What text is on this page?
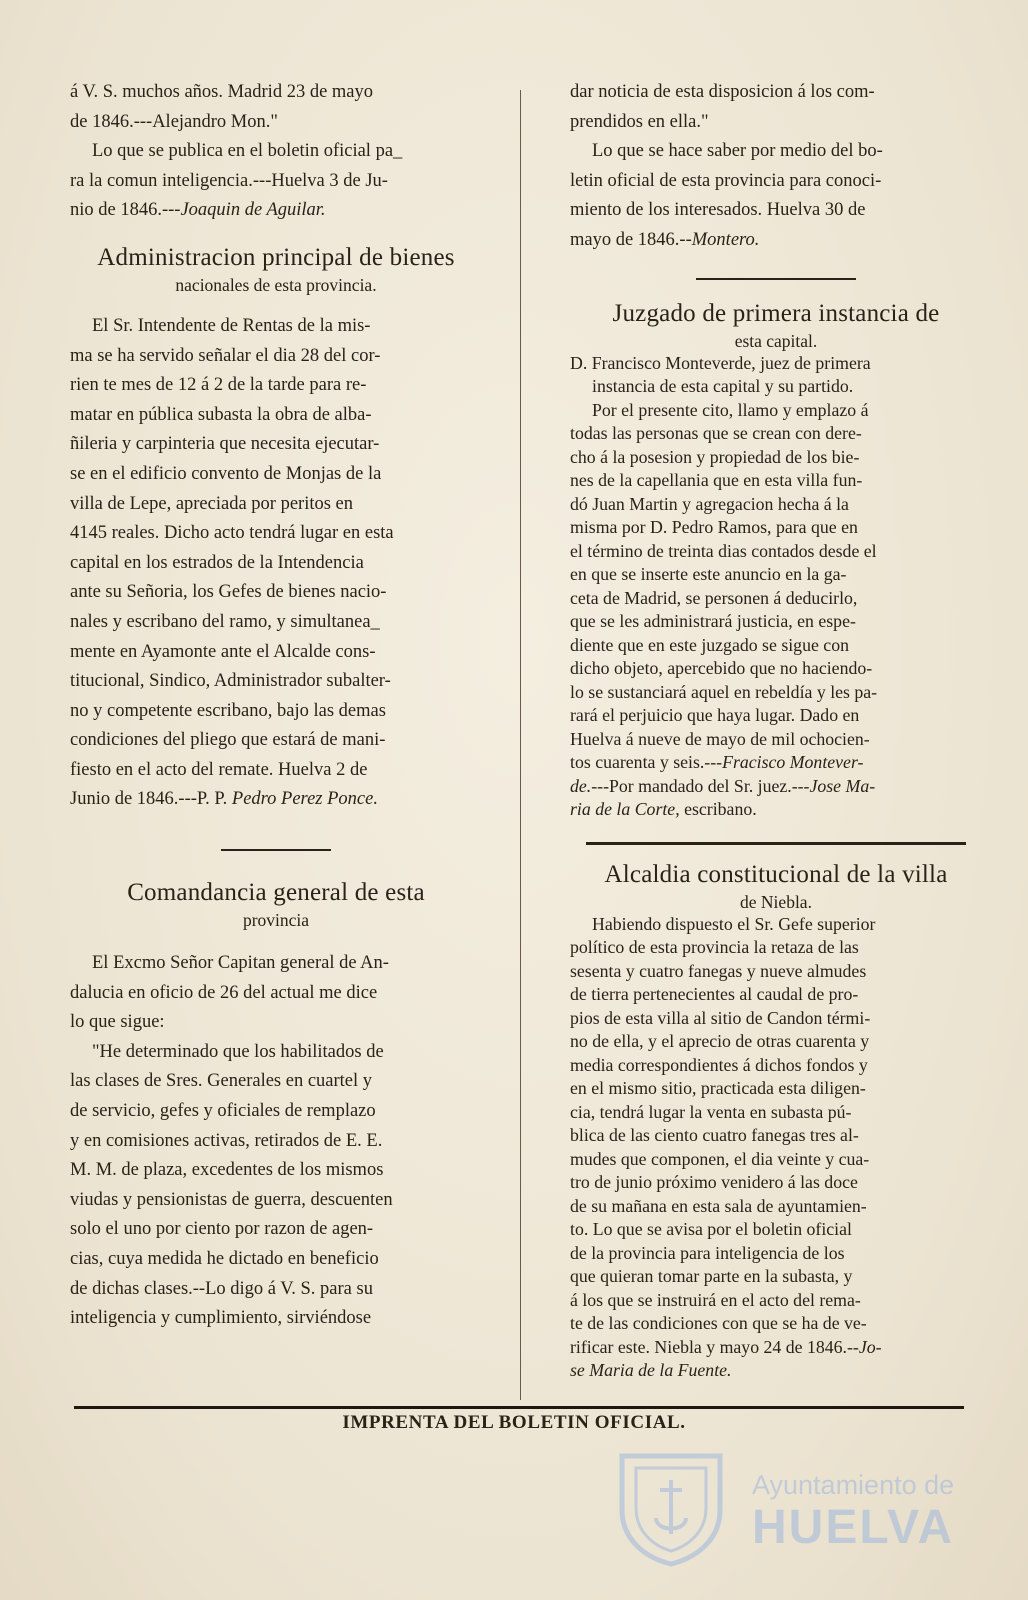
á V. S. muchos años. Madrid 23 de mayo

de 1846.---Alejandro Mon."

Lo que se publica en el boletin oficial pa_

ra la comun inteligencia.---Huelva 3 de Ju-

nio de 1846.---Joaquin de Aguilar.

Administracion principal de bienes
nacionales de esta provincia.

El Sr. Intendente de Rentas de la mis-

ma se ha servido señalar el dia 28 del cor-

rien te mes de 12 á 2 de la tarde para re-

matar en pública subasta la obra de alba-

ñileria y carpinteria que necesita ejecutar-

se en el edificio convento de Monjas de la

villa de Lepe, apreciada por peritos en

4145 reales. Dicho acto tendrá lugar en esta

capital en los estrados de la Intendencia

ante su Señoria, los Gefes de bienes nacio-

nales y escribano del ramo, y simultanea_

mente en Ayamonte ante el Alcalde cons-

titucional, Sindico, Administrador subalter-

no y competente escribano, bajo las demas

condiciones del pliego que estará de mani-

fiesto en el acto del remate. Huelva 2 de

Junio de 1846.---P. P. Pedro Perez Ponce.

Comandancia general de esta
provincia

El Excmo Señor Capitan general de An-

dalucia en oficio de 26 del actual me dice

lo que sigue:

"He determinado que los habilitados de

las clases de Sres. Generales en cuartel y

de servicio, gefes y oficiales de remplazo

y en comisiones activas, retirados de E. E.

M. M. de plaza, excedentes de los mismos

viudas y pensionistas de guerra, descuenten

solo el uno por ciento por razon de agen-

cias, cuya medida he dictado en beneficio

de dichas clases.--Lo digo á V. S. para su

inteligencia y cumplimiento, sirviéndose

dar noticia de esta disposicion á los com-

prendidos en ella."

Lo que se hace saber por medio del bo-

letin oficial de esta provincia para conoci-

miento de los interesados. Huelva 30 de

mayo de 1846.--Montero.

Juzgado de primera instancia de
esta capital.

D. Francisco Monteverde, juez de primera

instancia de esta capital y su partido.

Por el presente cito, llamo y emplazo á

todas las personas que se crean con dere-

cho á la posesion y propiedad de los bie-

nes de la capellania que en esta villa fun-

dó Juan Martin y agregacion hecha á la

misma por D. Pedro Ramos, para que en

el término de treinta dias contados desde el

en que se inserte este anuncio en la ga-

ceta de Madrid, se personen á deducirlo,

que se les administrará justicia, en espe-

diente que en este juzgado se sigue con

dicho objeto, apercebido que no haciendo-

lo se sustanciará aquel en rebeldía y les pa-

rará el perjuicio que haya lugar. Dado en

Huelva á nueve de mayo de mil ochocien-

tos cuarenta y seis.---Fracisco Montever-

de.---Por mandado del Sr. juez.---Jose Ma-

ria de la Corte, escribano.

Alcaldia constitucional de la villa
de Niebla.

Habiendo dispuesto el Sr. Gefe superior

político de esta provincia la retaza de las

sesenta y cuatro fanegas y nueve almudes

de tierra pertenecientes al caudal de pro-

pios de esta villa al sitio de Candon térmi-

no de ella, y el aprecio de otras cuarenta y

media correspondientes á dichos fondos y

en el mismo sitio, practicada esta diligen-

cia, tendrá lugar la venta en subasta pú-

blica de las ciento cuatro fanegas tres al-

mudes que componen, el dia veinte y cua-

tro de junio próximo venidero á las doce

de su mañana en esta sala de ayuntamien-

to. Lo que se avisa por el boletin oficial

de la provincia para inteligencia de los

que quieran tomar parte en la subasta, y

á los que se instruirá en el acto del rema-

te de las condiciones con que se ha de ve-

rificar este. Niebla y mayo 24 de 1846.--Jo-

se Maria de la Fuente.

IMPRENTA DEL BOLETIN OFICIAL.
Ayuntamiento de
HUELVA
